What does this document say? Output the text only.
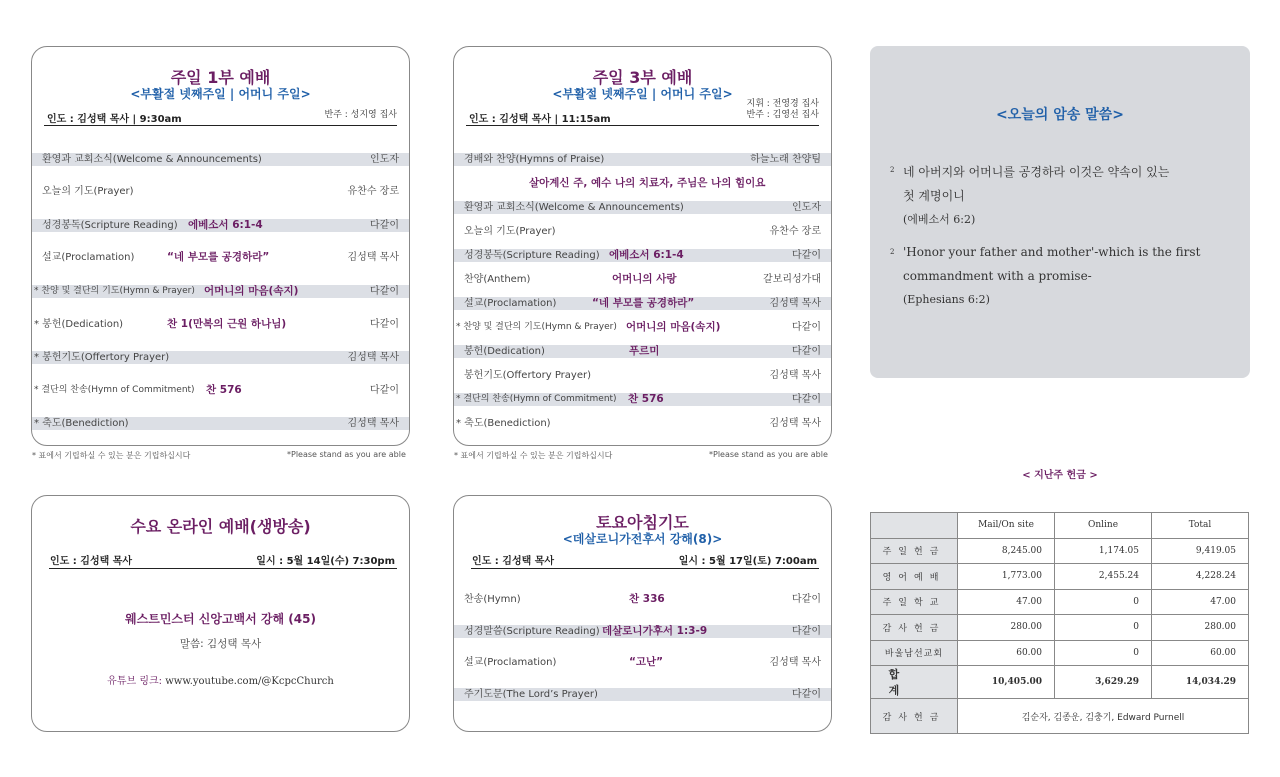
주일 1부 예배
<부활절 넷째주일 | 어머니 주일>
인도 : 김성택 목사 | 9:30am	반주 : 성지영 집사
환영과 교회소식(Welcome & Announcements)	인도자
오늘의 기도(Prayer)	유찬수 장로
성경봉독(Scripture Reading) 에베소서 6:1-4	다같이
설교(Proclamation)	“네 부모를 공경하라”	김성택 목사
* 찬양 및 결단의 기도(Hymn & Prayer) 어머니의 마음(속지)	다같이
* 봉헌(Dedication)	찬 1(만복의 근원 하나님)	다같이
* 봉헌기도(Offertory Prayer)	김성택 목사
* 결단의 찬송(Hymn of Commitment) 찬 576	다같이
* 축도(Benediction)	김성택 목사
* 표에서 기립하실 수 있는 분은 기립하십시다	*Please stand as you are able
주일 3부 예배
<부활절 넷째주일 | 어머니 주일>
인도 : 김성택 목사 | 11:15am
지휘 : 전영경 집사
반주 : 김영선 집사
경배와 찬양(Hymns of Praise)	하늘노래 찬양팀
살아계신 주, 예수 나의 치료자, 주님은 나의 힘이요
환영과 교회소식(Welcome & Announcements)	인도자
오늘의 기도(Prayer)	유찬수 장로
성경봉독(Scripture Reading) 에베소서 6:1-4	다같이
찬양(Anthem)	어머니의 사랑	갈보리성가대
설교(Proclamation)	“네 부모를 공경하라”	김성택 목사
* 찬양 및 결단의 기도(Hymn & Prayer) 어머니의 마음(속지)	다같이
봉헌(Dedication)	푸르미	다같이
봉헌기도(Offertory Prayer)	김성택 목사
* 결단의 찬송(Hymn of Commitment) 찬 576	다같이
* 축도(Benediction)	김성택 목사
* 표에서 기립하실 수 있는 분은 기립하십시다	*Please stand as you are able
<오늘의 암송 말씀>
2 네 아버지와 어머니를 공경하라 이것은 약속이 있는
첫 계명이니
(에베소서 6:2)
2 'Honor your father and mother'-which is the first
commandment with a promise-
(Ephesians 6:2)
수요 온라인 예배(생방송)
인도 : 김성택 목사	일시 : 5월 14일(수) 7:30pm
웨스트민스터 신앙고백서 강해 (45)
말씀: 김성택 목사
유튜브 링크: www.youtube.com/@KcpcChurch
토요아침기도
<데살로니가전후서 강해(8)>
인도 : 김성택 목사	일시 : 5월 17일(토) 7:00am
찬송(Hymn)	찬 336	다같이
성경말씀(Scripture Reading) 데살로니가후서 1:3-9	다같이
설교(Proclamation)	“고난”	김성택 목사
주기도문(The Lord’s Prayer)	다같이
< 지난주 헌금 >
	Mail/On site	Online	Total
주일헌금	8,245.00	1,174.05	9,419.05
영어예배	1,773.00	2,455.24	4,228.24
주일학교	47.00	0	47.00
감사헌금	280.00	0	280.00
바울남선교회	60.00	0	60.00
합계	10,405.00	3,629.29	14,034.29
감사헌금	김순자, 김종운, 김충기, Edward Purnell		
